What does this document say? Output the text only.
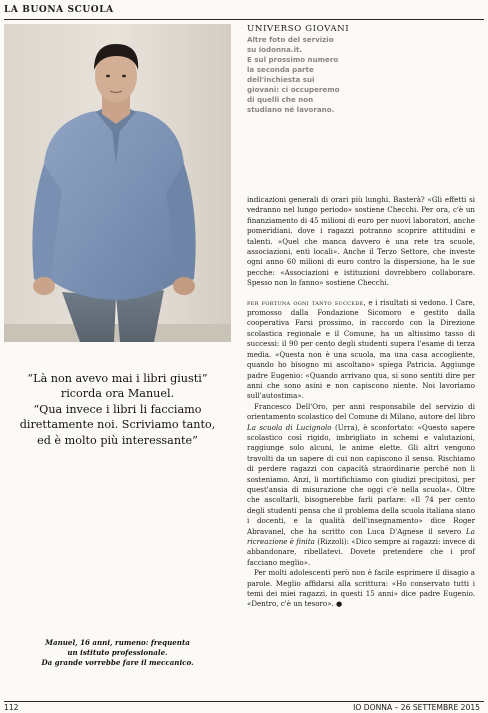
LA BUONA SCUOLA
UNIVERSO GIOVANI
Altre foto del servizio
su iodonna.it.
E sul prossimo numero
la seconda parte
dell'inchiesta sui
giovani: ci occuperemo
di quelli che non
studiano né lavorano.
“Là non avevo mai i libri giusti”
ricorda ora Manuel.
“Qua invece i libri li facciamo
direttamente noi. Scriviamo tanto,
ed è molto più interessante”
Manuel, 16 anni, rumeno: frequenta
un istituto professionale.
Da grande vorrebbe fare il meccanico.

indicazioni generali di orari più lunghi. Basterà? «Gli effetti si vedranno nel lungo periodo» sostiene Checchi. Per ora, c'è un finanziamento di 45 milioni di euro per nuovi laboratori, anche pomeridiani, dove i ragazzi potranno scoprire attitudini e talenti. «Quel che manca davvero è una rete tra scuole, associazioni, enti locali». Anche il Terzo Settore, che investe ogni anno 60 milioni di euro contro la dispersione, ha le sue pecche: «Associazioni e istituzioni dovrebbero collaborare. Spesso non lo fanno» sostiene Checchi.

per fortuna ogni tanto succede, e i risultati si vedono. I Care, promosso dalla Fondazione Sicomoro e gestito dalla cooperativa Farsi prossimo, in raccordo con la Direzione scolastica regionale e il Comune, ha un altissimo tasso di successi: il 90 per cento degli studenti supera l'esame di terza media. «Questa non è una scuola, ma una casa accogliente, quando ho bisogno mi ascoltano» spiega Patricia. Aggiunge padre Eugenio: «Quando arrivano qua, si sono sentiti dire per anni che sono asini e non capiscono niente. Noi lavoriamo sull'autostima».

Francesco Dell'Oro, per anni responsabile del servizio di orientamento scolastico del Comune di Milano, autore del libro La scuola di Lucignolo (Urra), è sconfortato: «Questo sapere scolastico così rigido, imbrigliato in schemi e valutazioni, raggiunge solo alcuni, le anime elette. Gli altri vengono travolti da un sapere di cui non capiscono il senso. Rischiamo di perdere ragazzi con capacità straordinarie perché non li sosteniamo. Anzi, li mortifichiamo con giudizi precipitosi, per quest'ansia di misurazione che oggi c'è nella scuola». Oltre che ascoltarli, bisognerebbe farli parlare: «Il 74 per cento degli studenti pensa che il problema della scuola italiana siano i docenti, e la qualità dell'insegnamento» dice Roger Abravanel, che ha scritto con Luca D'Agnese il severo La ricreazione è finita (Rizzoli): «Dico sempre ai ragazzi: invece di abbandonare, ribellatevi. Dovete pretendere che i prof facciano meglio».

Per molti adolescenti però non è facile esprimere il disagio a parole. Meglio affidarsi alla scrittura: «Ho conservato tutti i temi dei miei ragazzi, in questi 15 anni» dice padre Eugenio. «Dentro, c'è un tesoro». ●

112	IO DONNA – 26 SETTEMBRE 2015
